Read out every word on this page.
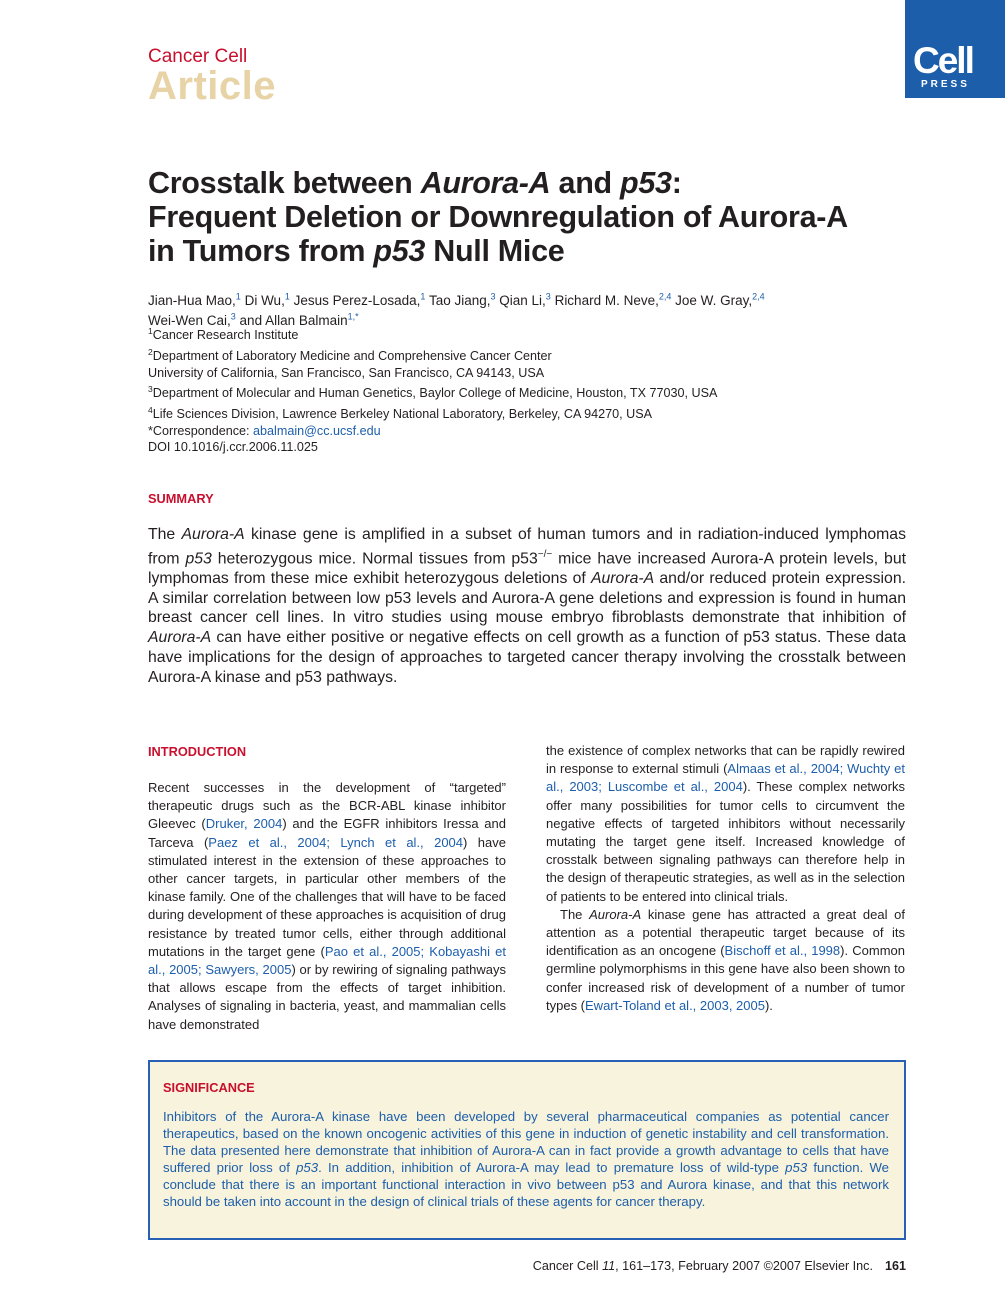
Cancer Cell
Article
Cell
PRESS
Crosstalk between Aurora-A and p53:
Frequent Deletion or Downregulation of Aurora-A
in Tumors from p53 Null Mice
Jian-Hua Mao,$^1$ Di Wu,$^1$ Jesus Perez-Losada,$^1$ Tao Jiang,$^3$ Qian Li,$^3$ Richard M. Neve,$^{2,4}$ Joe W. Gray,$^{2,4}$
Wei-Wen Cai,$^3$ and Allan Balmain$^{1,*}$
$^1$Cancer Research Institute
$^2$Department of Laboratory Medicine and Comprehensive Cancer Center
University of California, San Francisco, San Francisco, CA 94143, USA
$^3$Department of Molecular and Human Genetics, Baylor College of Medicine, Houston, TX 77030, USA
$^4$Life Sciences Division, Lawrence Berkeley National Laboratory, Berkeley, CA 94270, USA
*Correspondence: abalmain@cc.ucsf.edu
DOI 10.1016/j.ccr.2006.11.025
SUMMARY
The Aurora-A kinase gene is amplified in a subset of human tumors and in radiation-induced lymphomas from p53 heterozygous mice. Normal tissues from p53−/− mice have increased Aurora-A protein levels, but lymphomas from these mice exhibit heterozygous deletions of Aurora-A and/or reduced protein expression. A similar correlation between low p53 levels and Aurora-A gene deletions and expression is found in human breast cancer cell lines. In vitro studies using mouse embryo fibroblasts demonstrate that inhibition of Aurora-A can have either positive or negative effects on cell growth as a function of p53 status. These data have implications for the design of approaches to targeted cancer therapy involving the crosstalk between Aurora-A kinase and p53 pathways.
INTRODUCTION

Recent successes in the development of “targeted” therapeutic drugs such as the BCR-ABL kinase inhibitor Gleevec (Druker, 2004) and the EGFR inhibitors Iressa and Tarceva (Paez et al., 2004; Lynch et al., 2004) have stimulated interest in the extension of these approaches to other cancer targets, in particular other members of the kinase family. One of the challenges that will have to be faced during development of these approaches is acquisition of drug resistance by treated tumor cells, either through additional mutations in the target gene (Pao et al., 2005; Kobayashi et al., 2005; Sawyers, 2005) or by rewiring of signaling pathways that allows escape from the effects of target inhibition. Analyses of signaling in bacteria, yeast, and mammalian cells have demonstrated

the existence of complex networks that can be rapidly rewired in response to external stimuli (Almaas et al., 2004; Wuchty et al., 2003; Luscombe et al., 2004). These complex networks offer many possibilities for tumor cells to circumvent the negative effects of targeted inhibitors without necessarily mutating the target gene itself. Increased knowledge of crosstalk between signaling pathways can therefore help in the design of therapeutic strategies, as well as in the selection of patients to be entered into clinical trials.

The Aurora-A kinase gene has attracted a great deal of attention as a potential therapeutic target because of its identification as an oncogene (Bischoff et al., 1998). Common germline polymorphisms in this gene have also been shown to confer increased risk of development of a number of tumor types (Ewart-Toland et al., 2003, 2005).

SIGNIFICANCE
Inhibitors of the Aurora-A kinase have been developed by several pharmaceutical companies as potential cancer therapeutics, based on the known oncogenic activities of this gene in induction of genetic instability and cell transformation. The data presented here demonstrate that inhibition of Aurora-A can in fact provide a growth advantage to cells that have suffered prior loss of p53. In addition, inhibition of Aurora-A may lead to premature loss of wild-type p53 function. We conclude that there is an important functional interaction in vivo between p53 and Aurora kinase, and that this network should be taken into account in the design of clinical trials of these agents for cancer therapy.
Cancer Cell 11, 161–173, February 2007 ©2007 Elsevier Inc. 161
